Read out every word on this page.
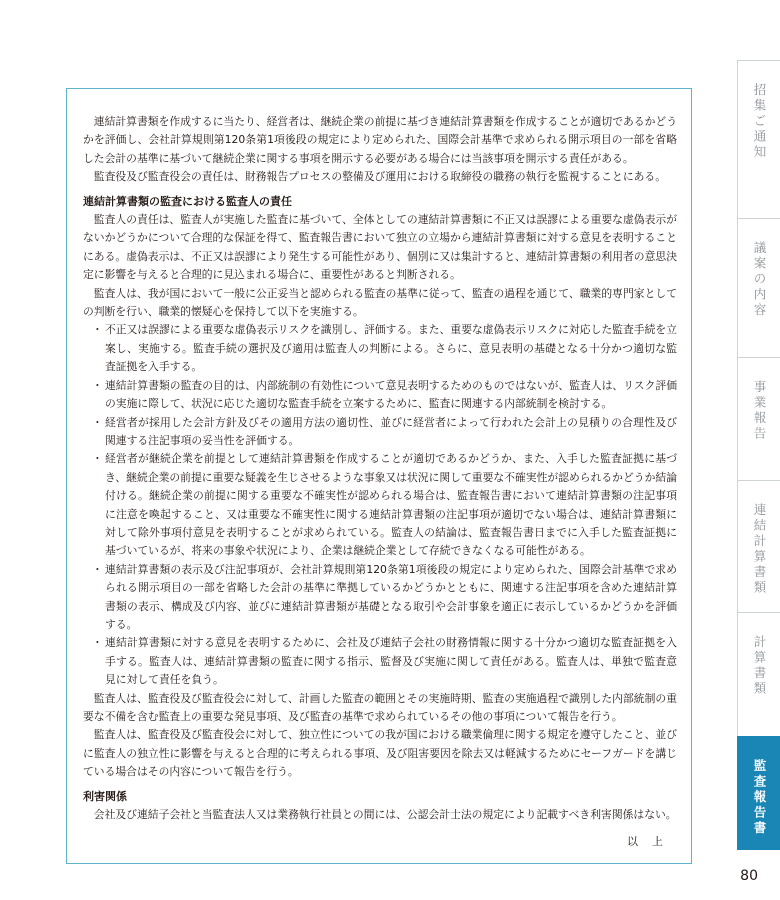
連結計算書類を作成するに当たり、経営者は、継続企業の前提に基づき連結計算書類を作成することが適切であるかどうかを評価し、会社計算規則第120条第1項後段の規定により定められた、国際会計基準で求められる開示項目の一部を省略した会計の基準に基づいて継続企業に関する事項を開示する必要がある場合には当該事項を開示する責任がある。

監査役及び監査役会の責任は、財務報告プロセスの整備及び運用における取締役の職務の執行を監視することにある。

連結計算書類の監査における監査人の責任

監査人の責任は、監査人が実施した監査に基づいて、全体としての連結計算書類に不正又は誤謬による重要な虚偽表示がないかどうかについて合理的な保証を得て、監査報告書において独立の立場から連結計算書類に対する意見を表明することにある。虚偽表示は、不正又は誤謬により発生する可能性があり、個別に又は集計すると、連結計算書類の利用者の意思決定に影響を与えると合理的に見込まれる場合に、重要性があると判断される。

監査人は、我が国において一般に公正妥当と認められる監査の基準に従って、監査の過程を通じて、職業的専門家としての判断を行い、職業的懐疑心を保持して以下を実施する。

・ 不正又は誤謬による重要な虚偽表示リスクを識別し、評価する。また、重要な虚偽表示リスクに対応した監査手続を立案し、実施する。監査手続の選択及び適用は監査人の判断による。さらに、意見表明の基礎となる十分かつ適切な監査証拠を入手する。
・ 連結計算書類の監査の目的は、内部統制の有効性について意見表明するためのものではないが、監査人は、リスク評価の実施に際して、状況に応じた適切な監査手続を立案するために、監査に関連する内部統制を検討する。
・ 経営者が採用した会計方針及びその適用方法の適切性、並びに経営者によって行われた会計上の見積りの合理性及び関連する注記事項の妥当性を評価する。
・ 経営者が継続企業を前提として連結計算書類を作成することが適切であるかどうか、また、入手した監査証拠に基づき、継続企業の前提に重要な疑義を生じさせるような事象又は状況に関して重要な不確実性が認められるかどうか結論付ける。継続企業の前提に関する重要な不確実性が認められる場合は、監査報告書において連結計算書類の注記事項に注意を喚起すること、又は重要な不確実性に関する連結計算書類の注記事項が適切でない場合は、連結計算書類に対して除外事項付意見を表明することが求められている。監査人の結論は、監査報告書日までに入手した監査証拠に基づいているが、将来の事象や状況により、企業は継続企業として存続できなくなる可能性がある。
・ 連結計算書類の表示及び注記事項が、会社計算規則第120条第1項後段の規定により定められた、国際会計基準で求められる開示項目の一部を省略した会計の基準に準拠しているかどうかとともに、関連する注記事項を含めた連結計算書類の表示、構成及び内容、並びに連結計算書類が基礎となる取引や会計事象を適正に表示しているかどうかを評価する。
・ 連結計算書類に対する意見を表明するために、会社及び連結子会社の財務情報に関する十分かつ適切な監査証拠を入手する。監査人は、連結計算書類の監査に関する指示、監督及び実施に関して責任がある。監査人は、単独で監査意見に対して責任を負う。

監査人は、監査役及び監査役会に対して、計画した監査の範囲とその実施時期、監査の実施過程で識別した内部統制の重要な不備を含む監査上の重要な発見事項、及び監査の基準で求められているその他の事項について報告を行う。

監査人は、監査役及び監査役会に対して、独立性についての我が国における職業倫理に関する規定を遵守したこと、並びに監査人の独立性に影響を与えると合理的に考えられる事項、及び阻害要因を除去又は軽減するためにセーフガードを講じている場合はその内容について報告を行う。

利害関係

会社及び連結子会社と当監査法人又は業務執行社員との間には、公認会計士法の規定により記載すべき利害関係はない。

以上
招集ご通知
議案の内容
事業報告
連結計算書類
計算書類
監査報告書
80
